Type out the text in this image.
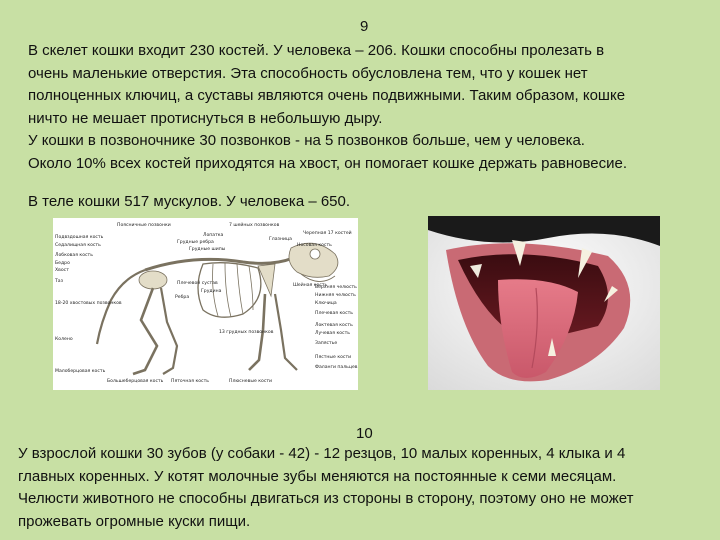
9

В скелет кошки входит 230 костей. У человека – 206. Кошки способны пролезать в
очень маленькие отверстия. Эта способность обусловлена тем, что у кошек нет
полноценных ключиц, а суставы являются очень подвижными. Таким образом, кошке
ничто не мешает протиснуться в небольшую дыру.
У кошки в позвоночнике 30 позвонков - на 5 позвонков больше, чем у человека.
Около 10% всех костей приходятся на хвост, он помогает кошке держать равновесие.

В теле кошки 517 мускулов. У человека – 650.

Поясничные позвонки	7 шейных позвонков
Подвздошная кость
Седалищная кость
Лобковая кость
Бедро
Хвост
Таз
Лопатка
Грудные ребра
Грудные шипы
Плечевой сустав
Грудина
Ребра
Черепная 17 костей
Глазница
Носовая кость
Верхняя челюсть
Шейная кость
Нижняя челюсть
Ключица
Плечевая кость
Локтевая кость
Лучевая кость
Запястье
Пястные кости
Фаланги пальцев
18-20 хвостовых позвонков
Колено
Малоберцовая кость
Большеберцовая кость Пяточная кость	Плюсневые кости
13 грудных позвонков
10

У взрослой кошки 30 зубов (у собаки - 42) - 12 резцов, 10 малых коренных, 4 клыка и 4
главных коренных. У котят молочные зубы меняются на постоянные к семи месяцам.
Челюсти животного не способны двигаться из стороны в сторону, поэтому оно не может
прожевать огромные куски пищи.
